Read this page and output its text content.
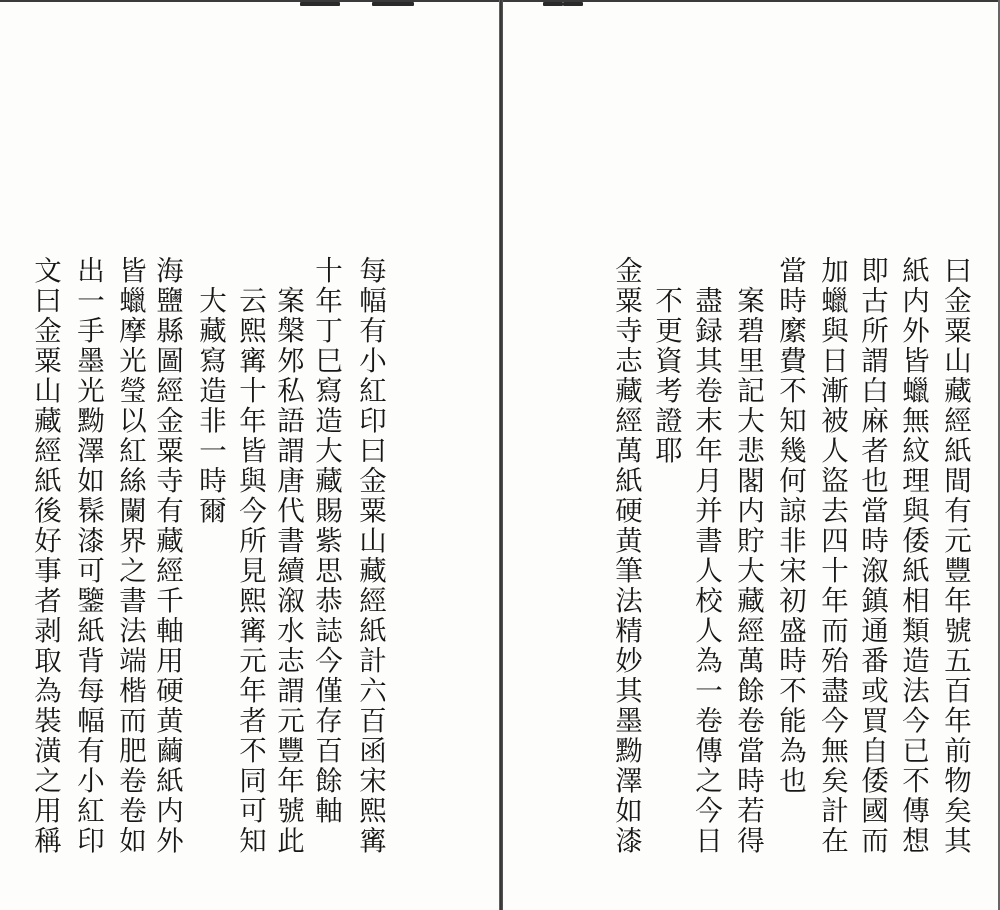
每幅有小紅印曰金粟山藏經紙計六百函宋熙寗
十年丁巳寫造大藏賜紫思恭誌今僅存百餘軸
案槃邜私語謂唐代書續溆水志謂元豐年號此
云熙寗十年皆與今所見熙寗元年者不同可知
大藏寫造非一時爾
海鹽縣圖經金粟寺有藏經千軸用硬黄繭紙内外
皆蠟摩光瑩以紅絲闌界之書法端楷而肥卷卷如
出一手墨光黝澤如髹漆可鑒紙背每幅有小紅印
文曰金粟山藏經紙後好事者剥取為裝潢之用稱	曰金粟山藏經紙間有元豐年號五百年前物矣其
紙内外皆蠟無紋理與倭紙相類造法今已不傳想
即古所謂白麻者也當時溆鎮通番或買自倭國而
加蠟與日漸被人盜去四十年而殆盡今無矣計在
當時縻費不知幾何諒非宋初盛時不能為也
案碧里記大悲閣内貯大藏經萬餘卷當時若得
盡録其卷末年月并書人校人為一卷傳之今日
不更資考證耶
金粟寺志藏經萬紙硬黄筆法精妙其墨黝澤如漆
